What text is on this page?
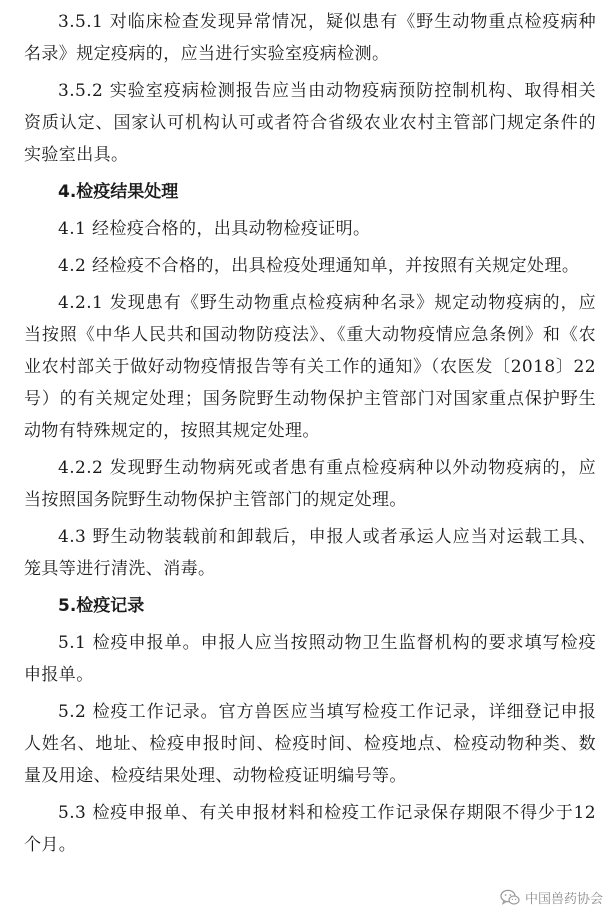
3.5.1 对临床检查发现异常情况，疑似患有《野生动物重点检疫病种名录》规定疫病的，应当进行实验室疫病检测。

3.5.2 实验室疫病检测报告应当由动物疫病预防控制机构、取得相关资质认定、国家认可机构认可或者符合省级农业农村主管部门规定条件的实验室出具。

4.检疫结果处理

4.1 经检疫合格的，出具动物检疫证明。

4.2 经检疫不合格的，出具检疫处理通知单，并按照有关规定处理。

4.2.1 发现患有《野生动物重点检疫病种名录》规定动物疫病的，应当按照《中华人民共和国动物防疫法》、《重大动物疫情应急条例》和《农业农村部关于做好动物疫情报告等有关工作的通知》（农医发〔2018〕22号）的有关规定处理；国务院野生动物保护主管部门对国家重点保护野生动物有特殊规定的，按照其规定处理。

4.2.2 发现野生动物病死或者患有重点检疫病种以外动物疫病的，应当按照国务院野生动物保护主管部门的规定处理。

4.3 野生动物装载前和卸载后，申报人或者承运人应当对运载工具、笼具等进行清洗、消毒。

5.检疫记录

5.1 检疫申报单。申报人应当按照动物卫生监督机构的要求填写检疫申报单。

5.2 检疫工作记录。官方兽医应当填写检疫工作记录，详细登记申报人姓名、地址、检疫申报时间、检疫时间、检疫地点、检疫动物种类、数量及用途、检疫结果处理、动物检疫证明编号等。

5.3 检疫申报单、有关申报材料和检疫工作记录保存期限不得少于12个月。

中国兽药协会
